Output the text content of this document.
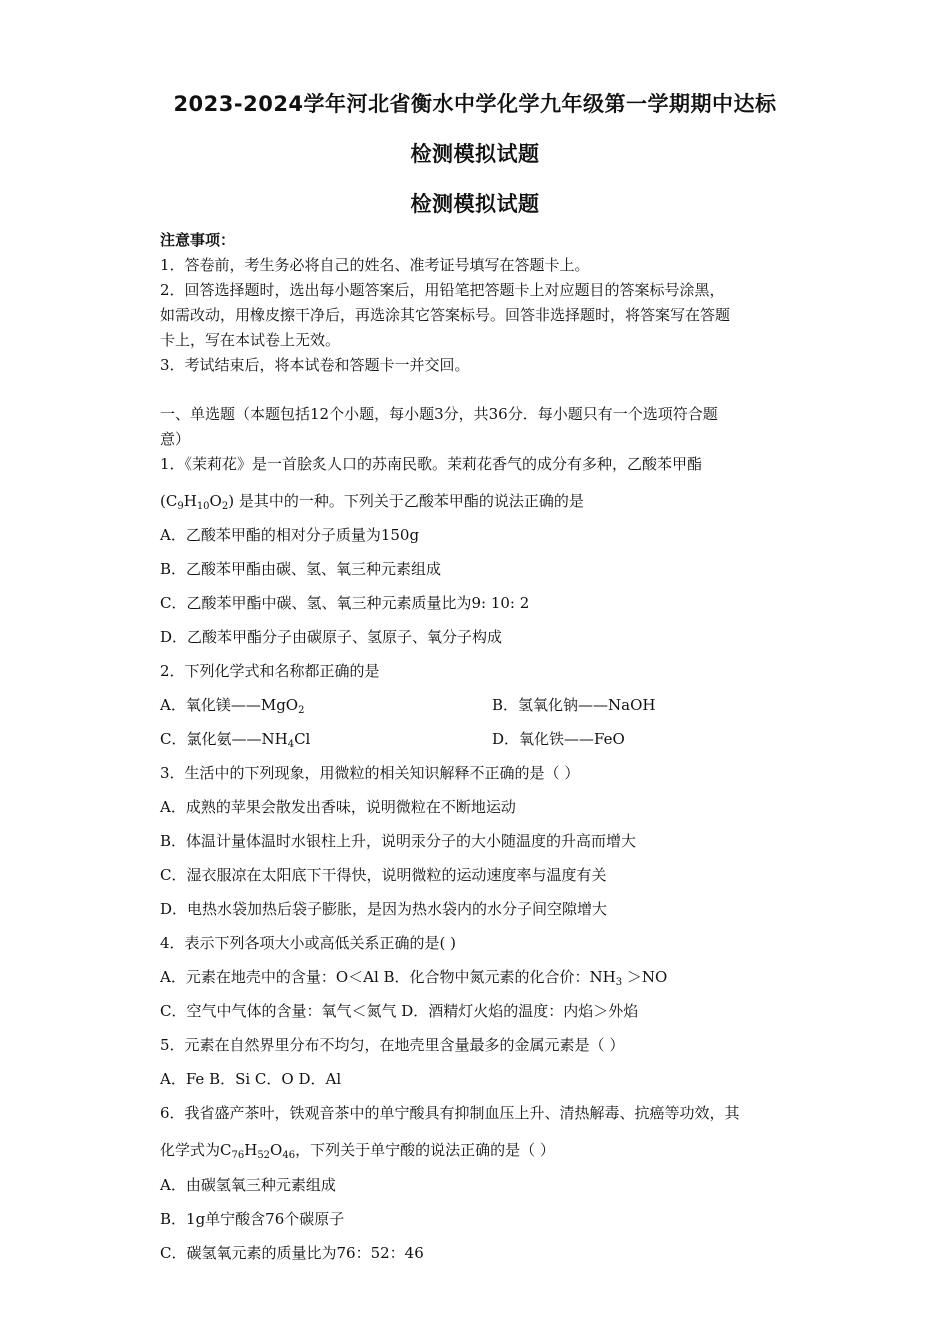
2023-2024学年河北省衡水中学化学九年级第一学期期中达标
检测模拟试题
检测模拟试题
注意事项：
1．答卷前，考生务必将自己的姓名、准考证号填写在答题卡上。
2．回答选择题时，选出每小题答案后，用铅笔把答题卡上对应题目的答案标号涂黑，
如需改动，用橡皮擦干净后，再选涂其它答案标号。回答非选择题时，将答案写在答题
卡上，写在本试卷上无效。
3．考试结束后，将本试卷和答题卡一并交回。
一、单选题（本题包括12个小题，每小题3分，共36分．每小题只有一个选项符合题
意）
1．《茉莉花》是一首脍炙人口的苏南民歌。茉莉花香气的成分有多种，乙酸苯甲酯
$(C_9H_{10}O_2)$ 是其中的一种。下列关于乙酸苯甲酯的说法正确的是
A．乙酸苯甲酯的相对分子质量为150g
B．乙酸苯甲酯由碳、氢、氧三种元素组成
C．乙酸苯甲酯中碳、氢、氧三种元素质量比为9: 10: 2
D．乙酸苯甲酯分子由碳原子、氢原子、氧分子构成
2．下列化学式和名称都正确的是
A．氧化镁——MgO$_2$	B．氢氧化钠——NaOH
C．氯化氨$——NH_4Cl$	D．氧化铁——FeO
3．生活中的下列现象，用微粒的相关知识解释不正确的是（ ）
A．成熟的苹果会散发出香味，说明微粒在不断地运动
B．体温计量体温时水银柱上升，说明汞分子的大小随温度的升高而增大
C．湿衣服凉在太阳底下干得快，说明微粒的运动速度率与温度有关
D．电热水袋加热后袋子膨胀，是因为热水袋内的水分子间空隙增大
4．表示下列各项大小或高低关系正确的是( )
A．元素在地壳中的含量：O＜Al B．化合物中氮元素的化合价：$NH_3 >NO$
C．空气中气体的含量：氧气＜氮气 D．酒精灯火焰的温度：内焰＞外焰
5．元素在自然界里分布不均匀，在地壳里含量最多的金属元素是（ ）
A．Fe B．Si C．O D．Al
6．我省盛产茶叶，铁观音茶中的单宁酸具有抑制血压上升、清热解毒、抗癌等功效，其
化学式为$C_{76}H_{52}O_{46}$，下列关于单宁酸的说法正确的是（ ）
A．由碳氢氧三种元素组成
B．1g单宁酸含76个碳原子
C．碳氢氧元素的质量比为76：52：46
